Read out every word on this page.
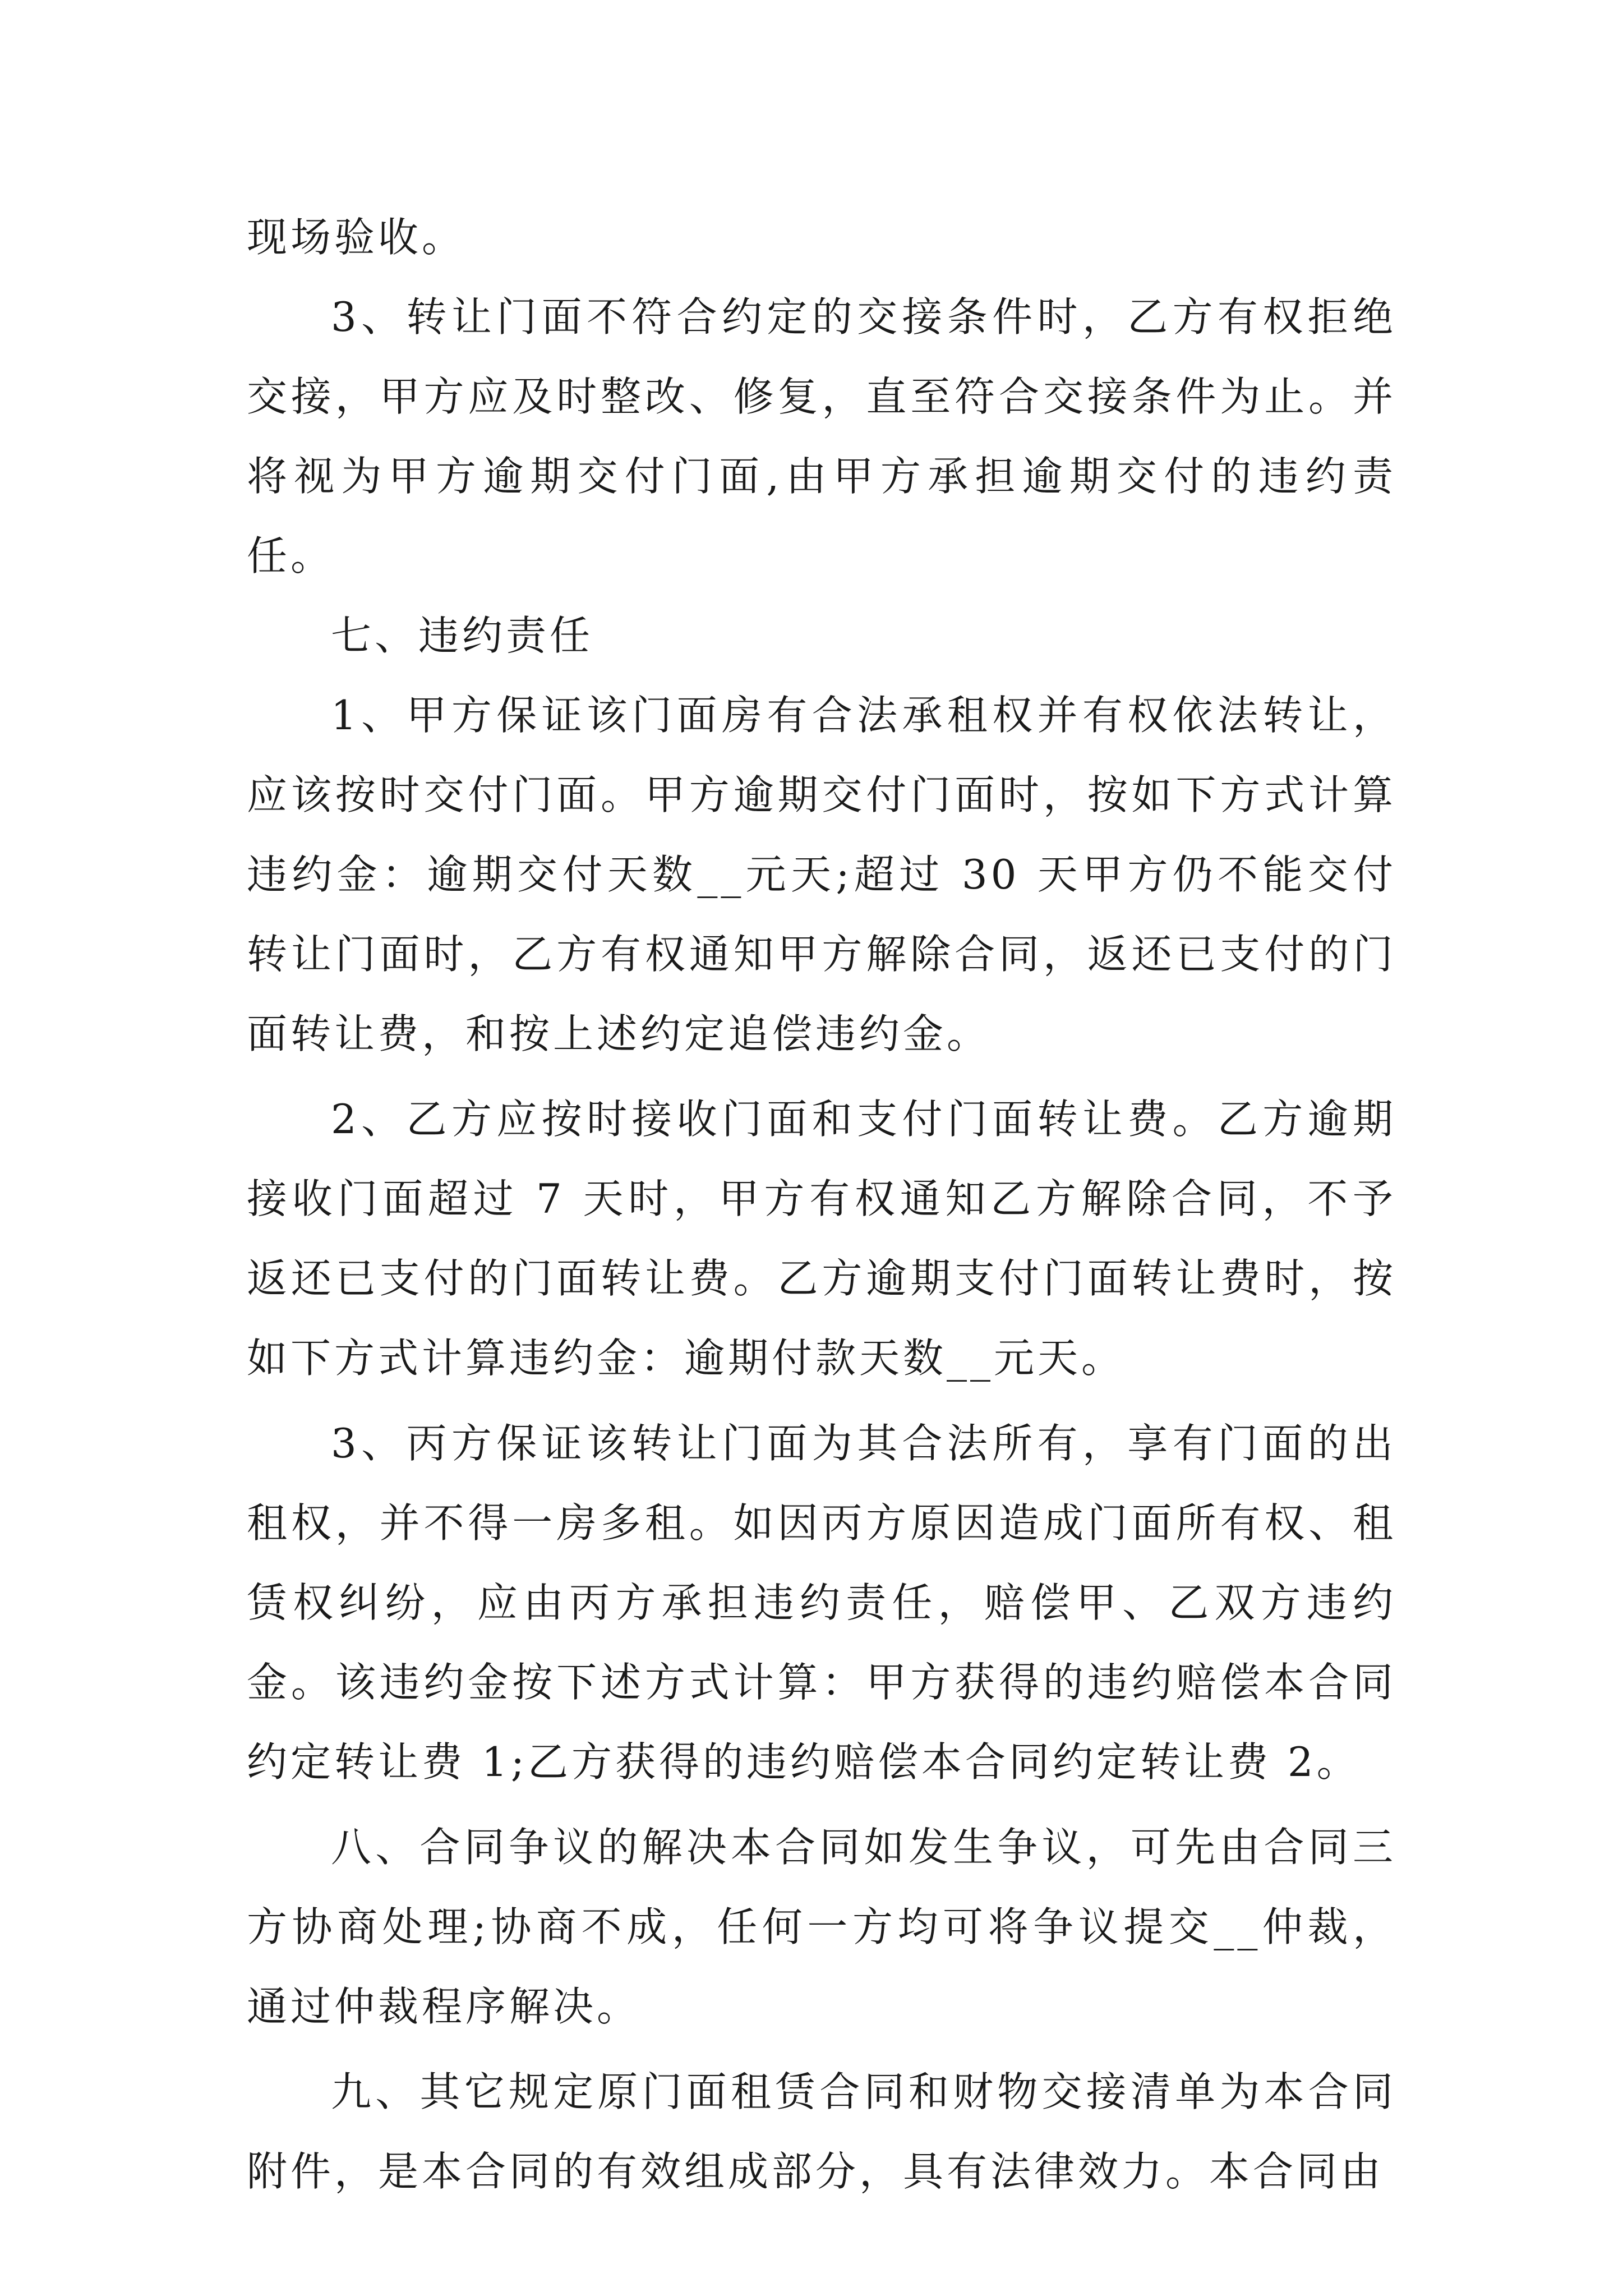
现场验收。

3、转让门面不符合约定的交接条件时，乙方有权拒绝交接，甲方应及时整改、修复，直至符合交接条件为止。并将视为甲方逾期交付门面,由甲方承担逾期交付的违约责任。

七、违约责任

1、甲方保证该门面房有合法承租权并有权依法转让，应该按时交付门面。甲方逾期交付门面时，按如下方式计算违约金：逾期交付天数__元天;超过 30 天甲方仍不能交付转让门面时，乙方有权通知甲方解除合同，返还已支付的门面转让费，和按上述约定追偿违约金。

2、乙方应按时接收门面和支付门面转让费。乙方逾期接收门面超过 7 天时，甲方有权通知乙方解除合同，不予返还已支付的门面转让费。乙方逾期支付门面转让费时，按如下方式计算违约金：逾期付款天数__元天。

3、丙方保证该转让门面为其合法所有，享有门面的出租权，并不得一房多租。如因丙方原因造成门面所有权、租赁权纠纷，应由丙方承担违约责任，赔偿甲、乙双方违约金。该违约金按下述方式计算：甲方获得的违约赔偿本合同约定转让费 1;乙方获得的违约赔偿本合同约定转让费 2。

八、合同争议的解决本合同如发生争议，可先由合同三方协商处理;协商不成，任何一方均可将争议提交__仲裁，通过仲裁程序解决。

九、其它规定原门面租赁合同和财物交接清单为本合同附件，是本合同的有效组成部分，具有法律效力。本合同由
